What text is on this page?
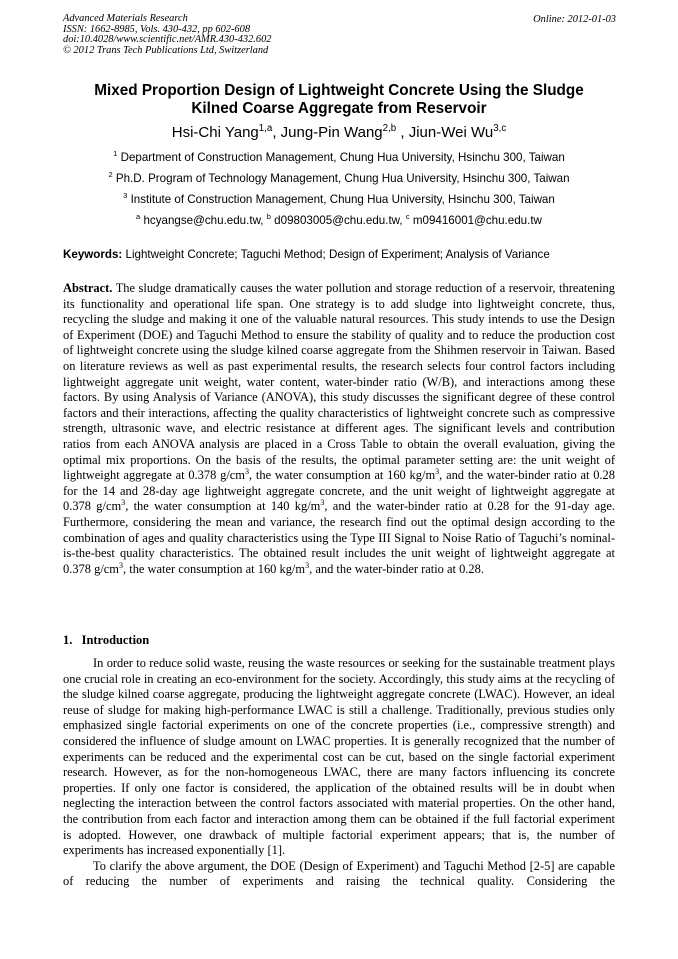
Advanced Materials Research
ISSN: 1662-8985, Vols. 430-432, pp 602-608
doi:10.4028/www.scientific.net/AMR.430-432.602
© 2012 Trans Tech Publications Ltd, Switzerland
Online: 2012-01-03
Mixed Proportion Design of Lightweight Concrete Using the Sludge
Kilned Coarse Aggregate from Reservoir
Hsi-Chi Yang$^{1,a}$, Jung-Pin Wang$^{2,b}$ , Jiun-Wei Wu$^{3,c}$
$^1$ Department of Construction Management, Chung Hua University, Hsinchu 300, Taiwan
$^2$ Ph.D. Program of Technology Management, Chung Hua University, Hsinchu 300, Taiwan
$^3$ Institute of Construction Management, Chung Hua University, Hsinchu 300, Taiwan
$^a$ hcyangse@chu.edu.tw, $^b$ d09803005@chu.edu.tw, $^c$ m09416001@chu.edu.tw
Keywords: Lightweight Concrete; Taguchi Method; Design of Experiment; Analysis of Variance
Abstract. The sludge dramatically causes the water pollution and storage reduction of a reservoir, threatening its functionality and operational life span. One strategy is to add sludge into lightweight concrete, thus, recycling the sludge and making it one of the valuable natural resources. This study intends to use the Design of Experiment (DOE) and Taguchi Method to ensure the stability of quality and to reduce the production cost of lightweight concrete using the sludge kilned coarse aggregate from the Shihmen reservoir in Taiwan. Based on literature reviews as well as past experimental results, the research selects four control factors including lightweight aggregate unit weight, water content, water-binder ratio (W/B), and interactions among these factors. By using Analysis of Variance (ANOVA), this study discusses the significant degree of these control factors and their interactions, affecting the quality characteristics of lightweight concrete such as compressive strength, ultrasonic wave, and electric resistance at different ages. The significant levels and contribution ratios from each ANOVA analysis are placed in a Cross Table to obtain the overall evaluation, giving the optimal mix proportions. On the basis of the results, the optimal parameter setting are: the unit weight of lightweight aggregate at 0.378 $g/cm^3$, the water consumption at 160 $kg/m^3$, and the water-binder ratio at 0.28 for the 14 and 28-day age lightweight aggregate concrete, and the unit weight of lightweight aggregate at 0.378 $g/cm^3$, the water consumption at 140 $kg/m^3$, and the water-binder ratio at 0.28 for the 91-day age. Furthermore, considering the mean and variance, the research find out the optimal design according to the combination of ages and quality characteristics using the Type III Signal to Noise Ratio of Taguchi’s nominal-is-the-best quality characteristics. The obtained result includes the unit weight of lightweight aggregate at 0.378 $g/cm^3$, the water consumption at 160 $kg/m^3$, and the water-binder ratio at 0.28.
1.   Introduction

In order to reduce solid waste, reusing the waste resources or seeking for the sustainable treatment plays one crucial role in creating an eco-environment for the society. Accordingly, this study aims at the recycling of the sludge kilned coarse aggregate, producing the lightweight aggregate concrete (LWAC). However, an ideal reuse of sludge for making high-performance LWAC is still a challenge. Traditionally, previous studies only emphasized single factorial experiments on one of the concrete properties (i.e., compressive strength) and considered the influence of sludge amount on LWAC properties. It is generally recognized that the number of experiments can be reduced and the experimental cost can be cut, based on the single factorial experiment research. However, as for the non-homogeneous LWAC, there are many factors influencing its concrete properties. If only one factor is considered, the application of the obtained results will be in doubt when neglecting the interaction between the control factors associated with material properties. On the other hand, the contribution from each factor and interaction among them can be obtained if the full factorial experiment is adopted. However, one drawback of multiple factorial experiment appears; that is, the number of experiments has increased exponentially [1].

To clarify the above argument, the DOE (Design of Experiment) and Taguchi Method [2-5] are capable of reducing the number of experiments and raising the technical quality. Considering the
